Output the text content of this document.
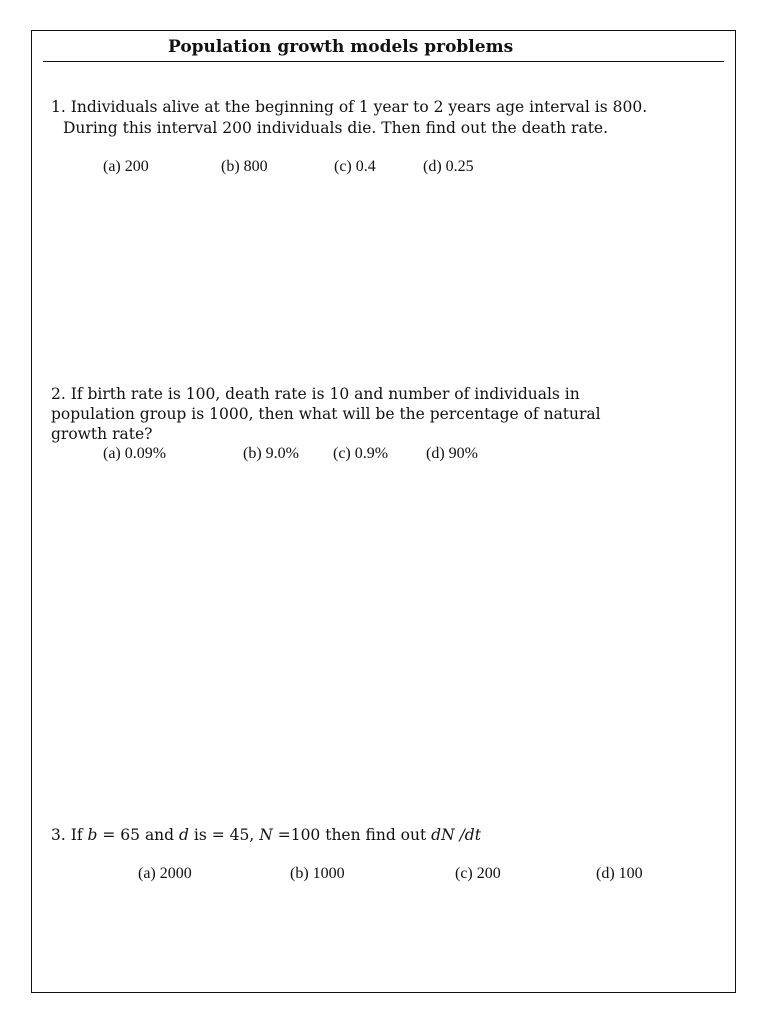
Population growth models problems
1. Individuals alive at the beginning of 1 year to 2 years age interval is 800.
During this interval 200 individuals die. Then find out the death rate.
(a) 200	(b) 800	(c) 0.4	(d) 0.25
2. If birth rate is 100, death rate is 10 and number of individuals in
population group is 1000, then what will be the percentage of natural
growth rate?
(a) 0.09%	(b) 9.0% (c) 0.9% (d) 90%
3. If b = 65 and d is = 45, N =100 then find out dN /dt
(a) 2000	(b) 1000	(c) 200	(d) 100
